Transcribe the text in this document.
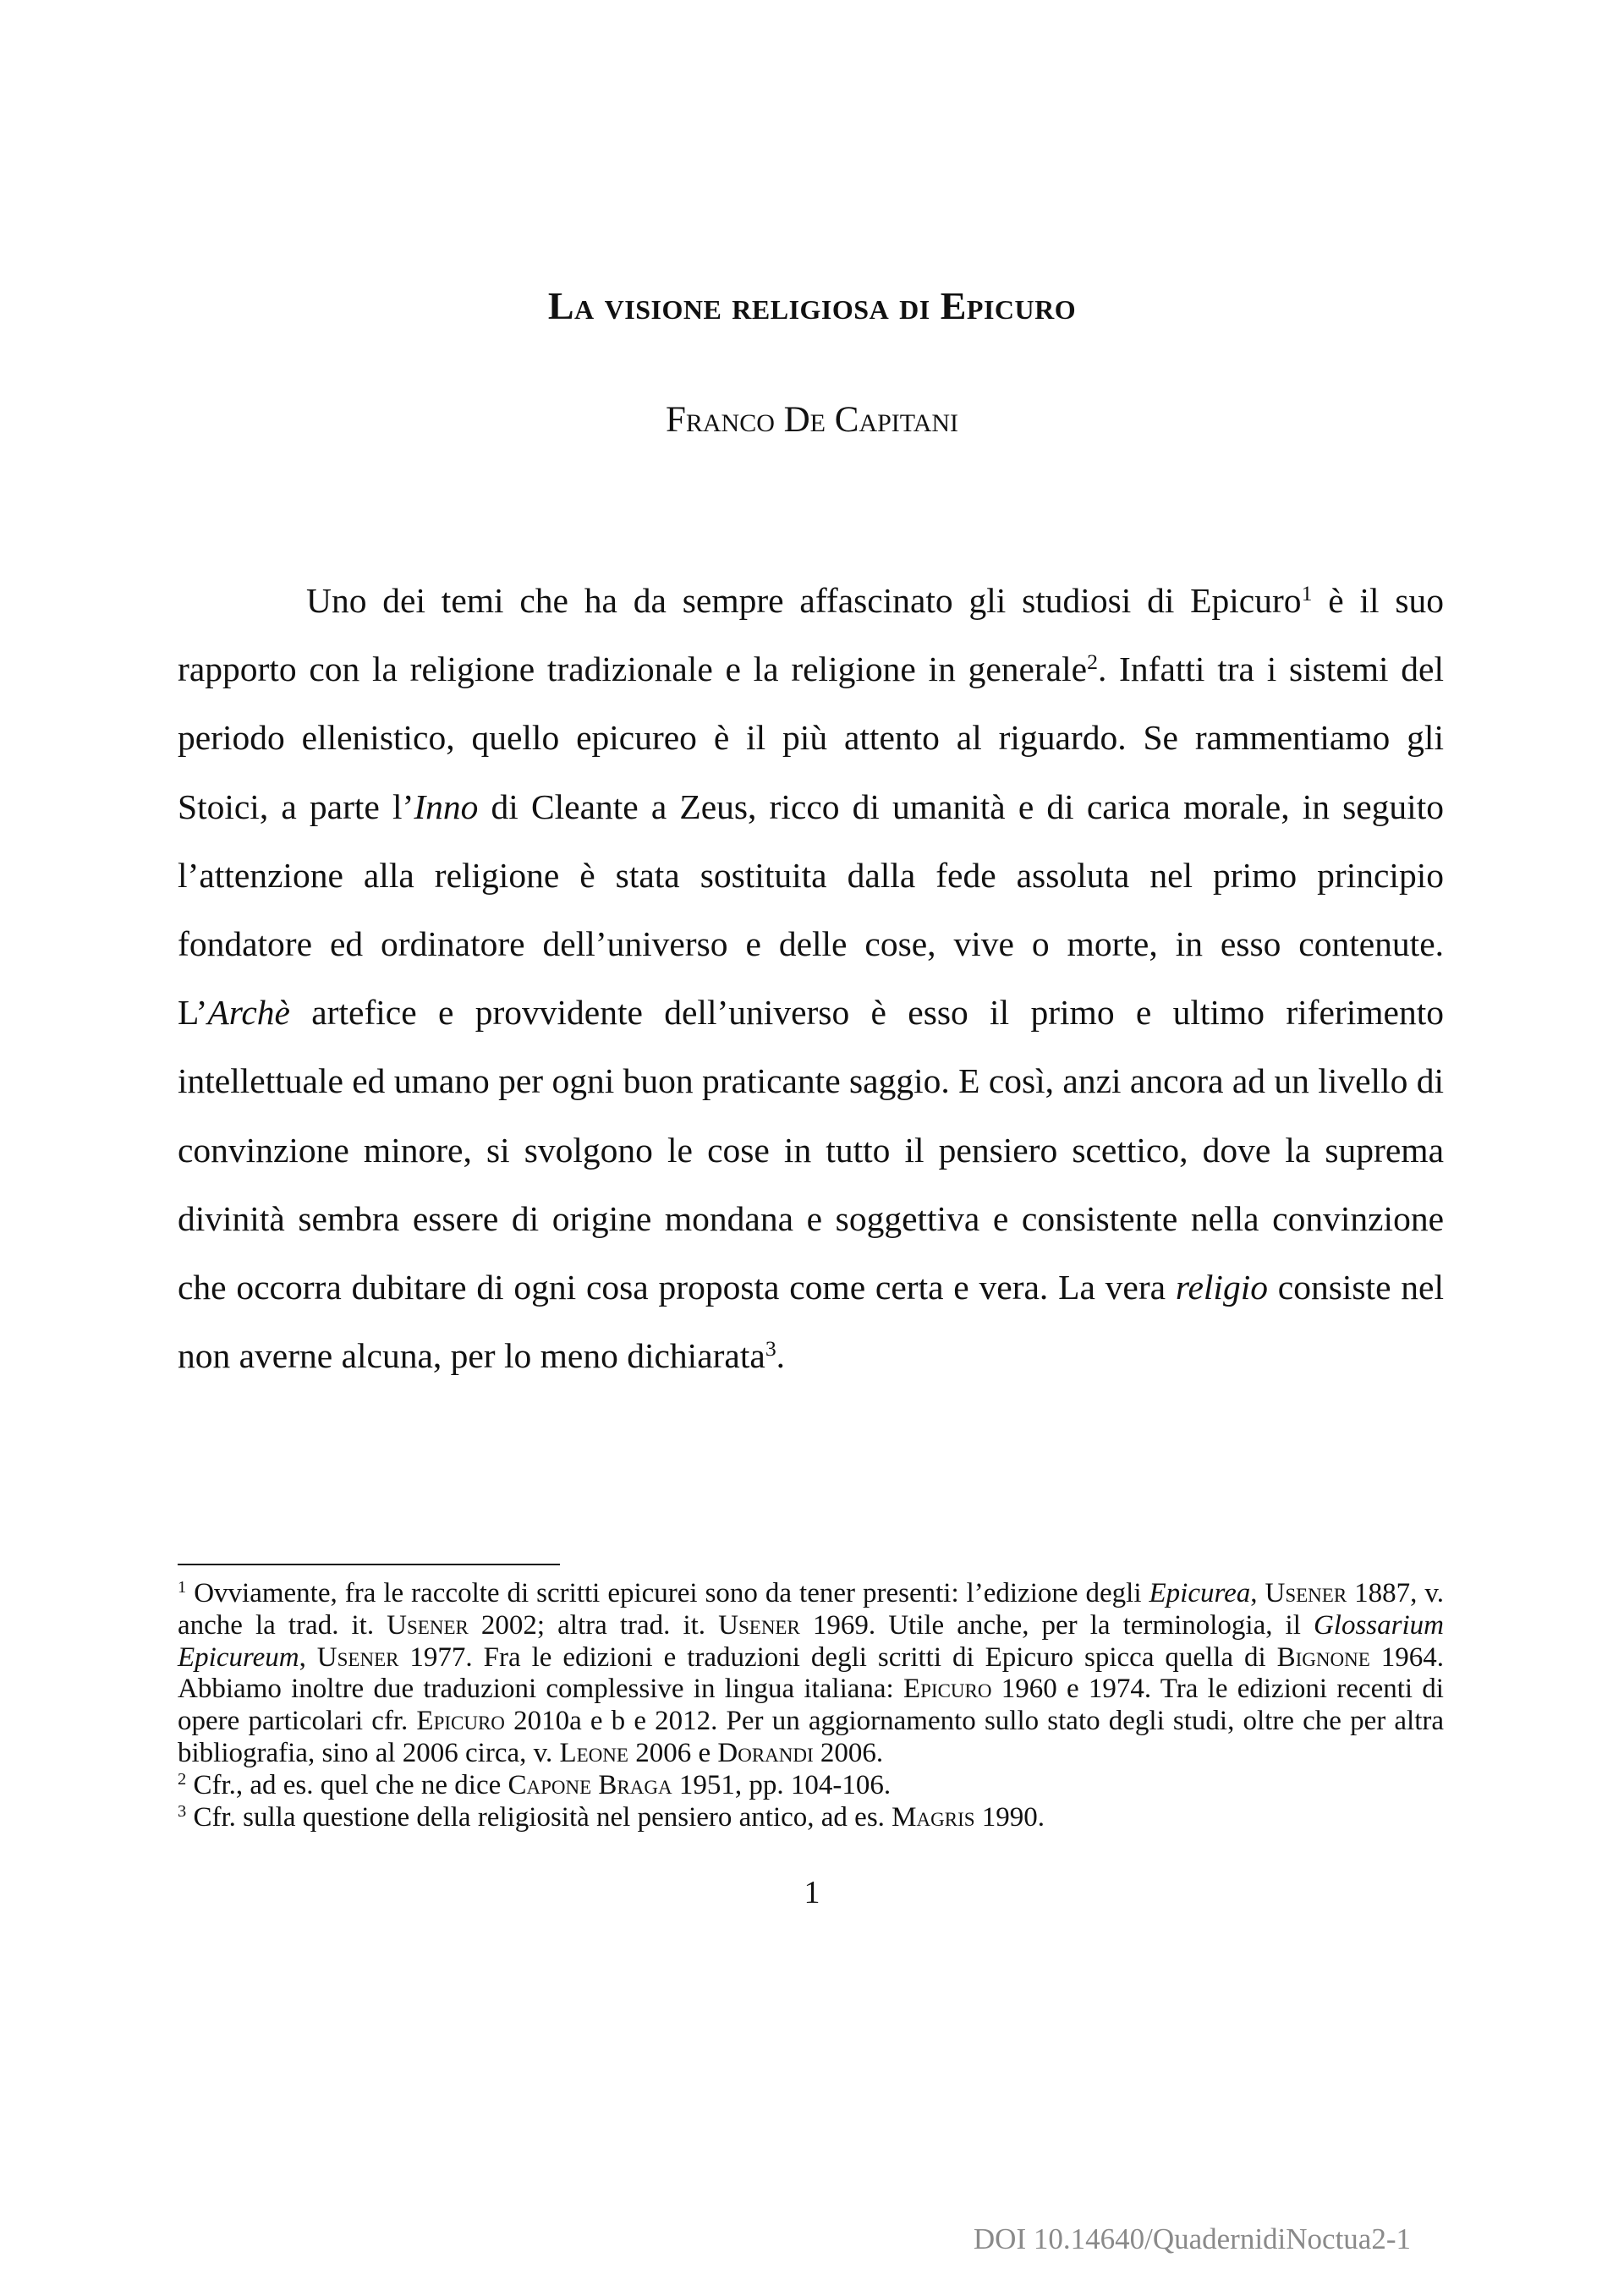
La visione religiosa di Epicuro
Franco De Capitani

Uno dei temi che ha da sempre affascinato gli studiosi di Epicuro$^1$ è il suo rapporto con la religione tradizionale e la religione in generale$^2$. Infatti tra i sistemi del periodo ellenistico, quello epicureo è il più attento al riguardo. Se rammentiamo gli Stoici, a parte l’Inno di Cleante a Zeus, ricco di umanità e di carica morale, in seguito l’attenzione alla religione è stata sostituita dalla fede assoluta nel primo principio fondatore ed ordinatore dell’universo e delle cose, vive o morte, in esso contenute. L’Archè artefice e provvidente dell’universo è esso il primo e ultimo riferimento intellettuale ed umano per ogni buon praticante saggio. E così, anzi ancora ad un livello di convinzione minore, si svolgono le cose in tutto il pensiero scettico, dove la suprema divinità sembra essere di origine mondana e soggettiva e consistente nella convinzione che occorra dubitare di ogni cosa proposta come certa e vera. La vera religio consiste nel non averne alcuna, per lo meno dichiarata$^3$.

$^1$ Ovviamente, fra le raccolte di scritti epicurei sono da tener presenti: l’edizione degli Epicurea, Usener 1887, v. anche la trad. it. Usener 2002; altra trad. it. Usener 1969. Utile anche, per la terminologia, il Glossarium Epicureum, Usener 1977. Fra le edizioni e traduzioni degli scritti di Epicuro spicca quella di Bignone 1964. Abbiamo inoltre due traduzioni complessive in lingua italiana: Epicuro 1960 e 1974. Tra le edizioni recenti di opere particolari cfr. Epicuro 2010a e b e 2012. Per un aggiornamento sullo stato degli studi, oltre che per altra bibliografia, sino al 2006 circa, v. Leone 2006 e Dorandi 2006.

$^2$ Cfr., ad es. quel che ne dice Capone Braga 1951, pp. 104-106.

$^3$ Cfr. sulla questione della religiosità nel pensiero antico, ad es. Magris 1990.

1
DOI 10.14640/QuadernidiNoctua2-1
